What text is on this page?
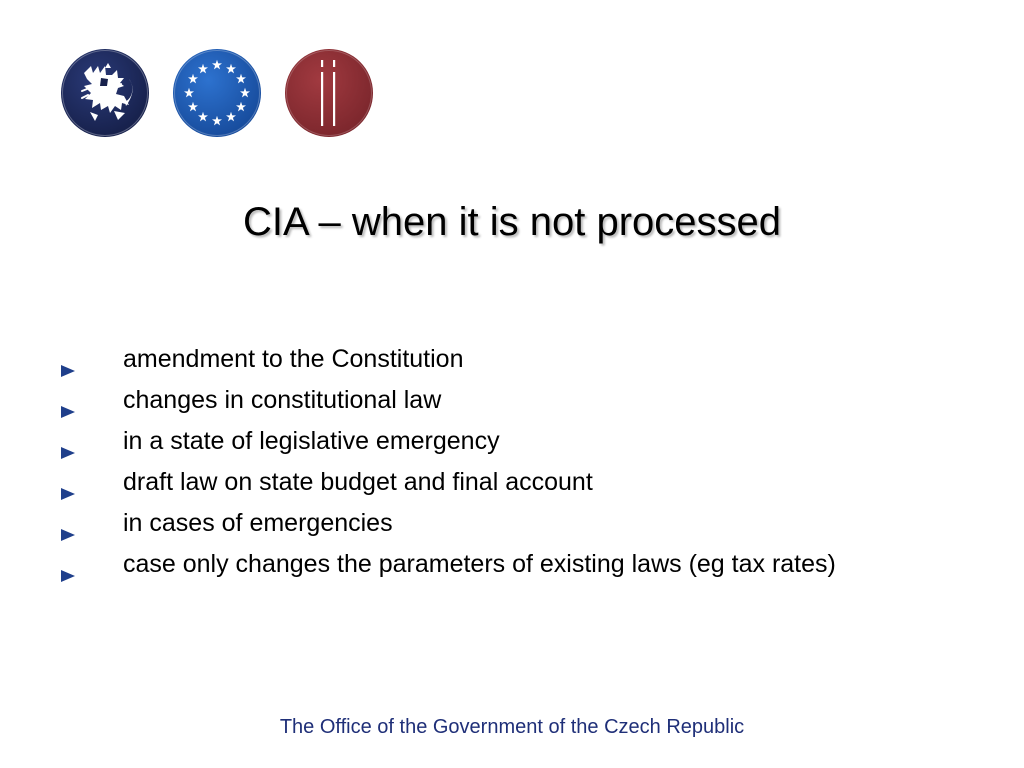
CIA – when it is not processed
amendment to the Constitution
changes in constitutional law
in a state of legislative emergency
draft law on state budget and final account
in cases of emergencies
case only changes the parameters of existing laws (eg tax rates)
The Office of the Government of the Czech Republic
